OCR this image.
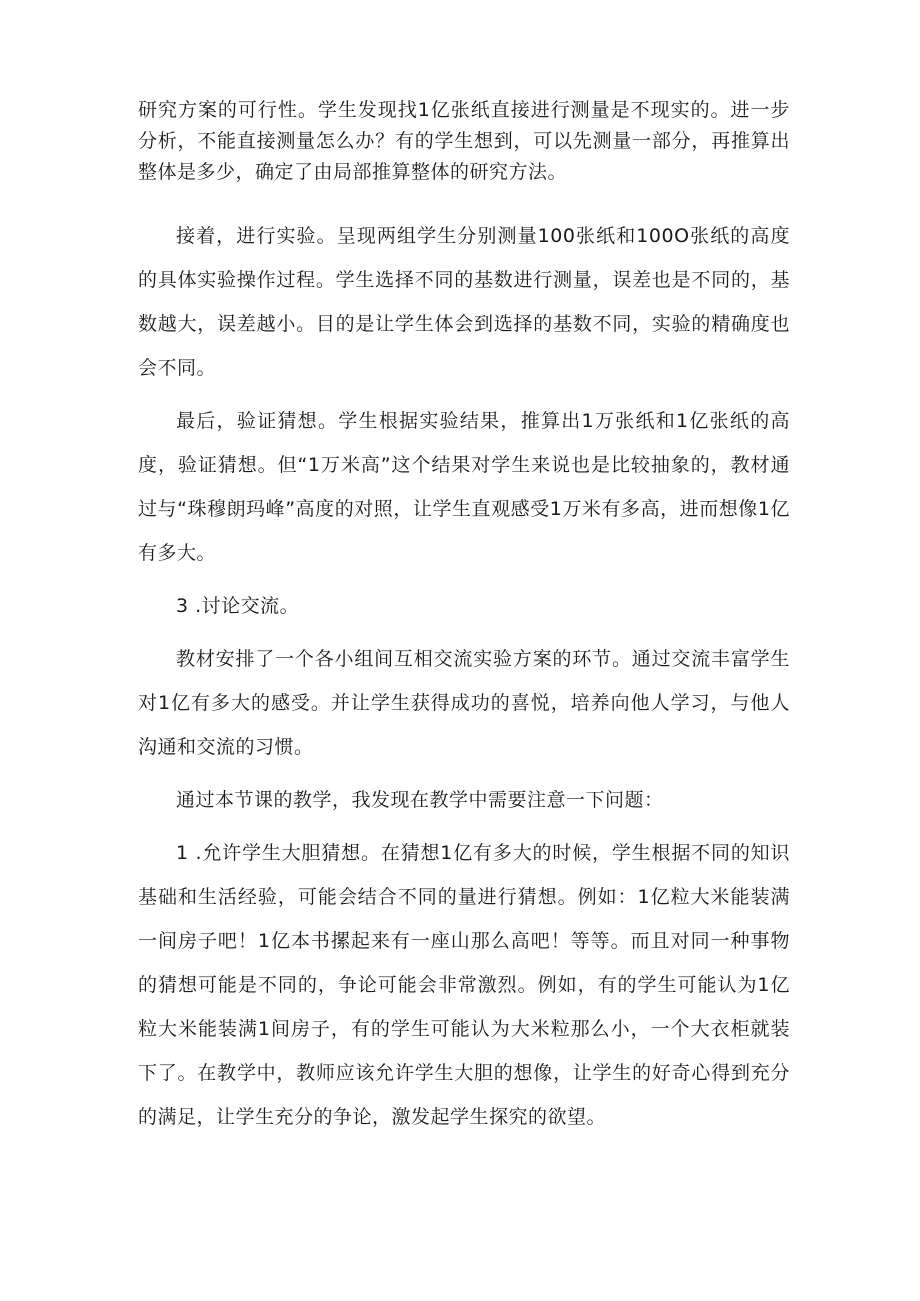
研究方案的可行性。学生发现找1亿张纸直接进行测量是不现实的。进一步分析，不能直接测量怎么办？有的学生想到，可以先测量一部分，再推算出整体是多少，确定了由局部推算整体的研究方法。

接着，进行实验。呈现两组学生分别测量100张纸和100O张纸的高度的具体实验操作过程。学生选择不同的基数进行测量，误差也是不同的，基数越大，误差越小。目的是让学生体会到选择的基数不同，实验的精确度也会不同。

最后，验证猜想。学生根据实验结果，推算出1万张纸和1亿张纸的高度，验证猜想。但“1万米高”这个结果对学生来说也是比较抽象的，教材通过与“珠穆朗玛峰”高度的对照，让学生直观感受1万米有多高，进而想像1亿有多大。

3 .讨论交流。

教材安排了一个各小组间互相交流实验方案的环节。通过交流丰富学生对1亿有多大的感受。并让学生获得成功的喜悦，培养向他人学习，与他人沟通和交流的习惯。

通过本节课的教学，我发现在教学中需要注意一下问题：

1 .允许学生大胆猜想。在猜想1亿有多大的时候，学生根据不同的知识基础和生活经验，可能会结合不同的量进行猜想。例如：1亿粒大米能装满一间房子吧！1亿本书摞起来有一座山那么高吧！等等。而且对同一种事物的猜想可能是不同的，争论可能会非常激烈。例如，有的学生可能认为1亿粒大米能装满1间房子，有的学生可能认为大米粒那么小，一个大衣柜就装下了。在教学中，教师应该允许学生大胆的想像，让学生的好奇心得到充分的满足，让学生充分的争论，激发起学生探究的欲望。
